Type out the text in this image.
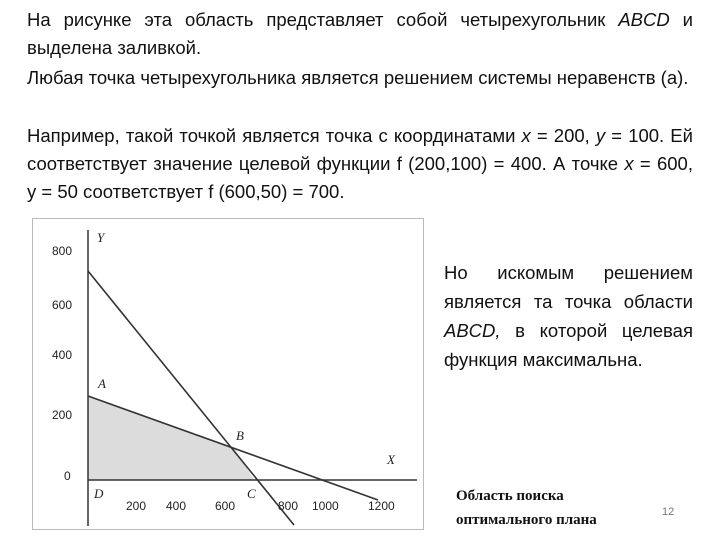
На рисунке эта область представляет собой четырехугольник ABCD и выделена заливкой.

Любая точка четырехугольника является решением системы неравенств (а).

Например, такой точкой является точка с координатами x = 200, y = 100. Ей соответствует значение целевой функции f (200,100) = 400. А точке x = 600, y = 50 соответствует f (600,50) = 700.

800
600
400
200
0
200 400 600	800 1000 1200
Y
X
A
B
C
D

Но искомым решением является та точка области ABCD, в которой целевая функция максимальна.

Область поиска
оптимального плана	12
